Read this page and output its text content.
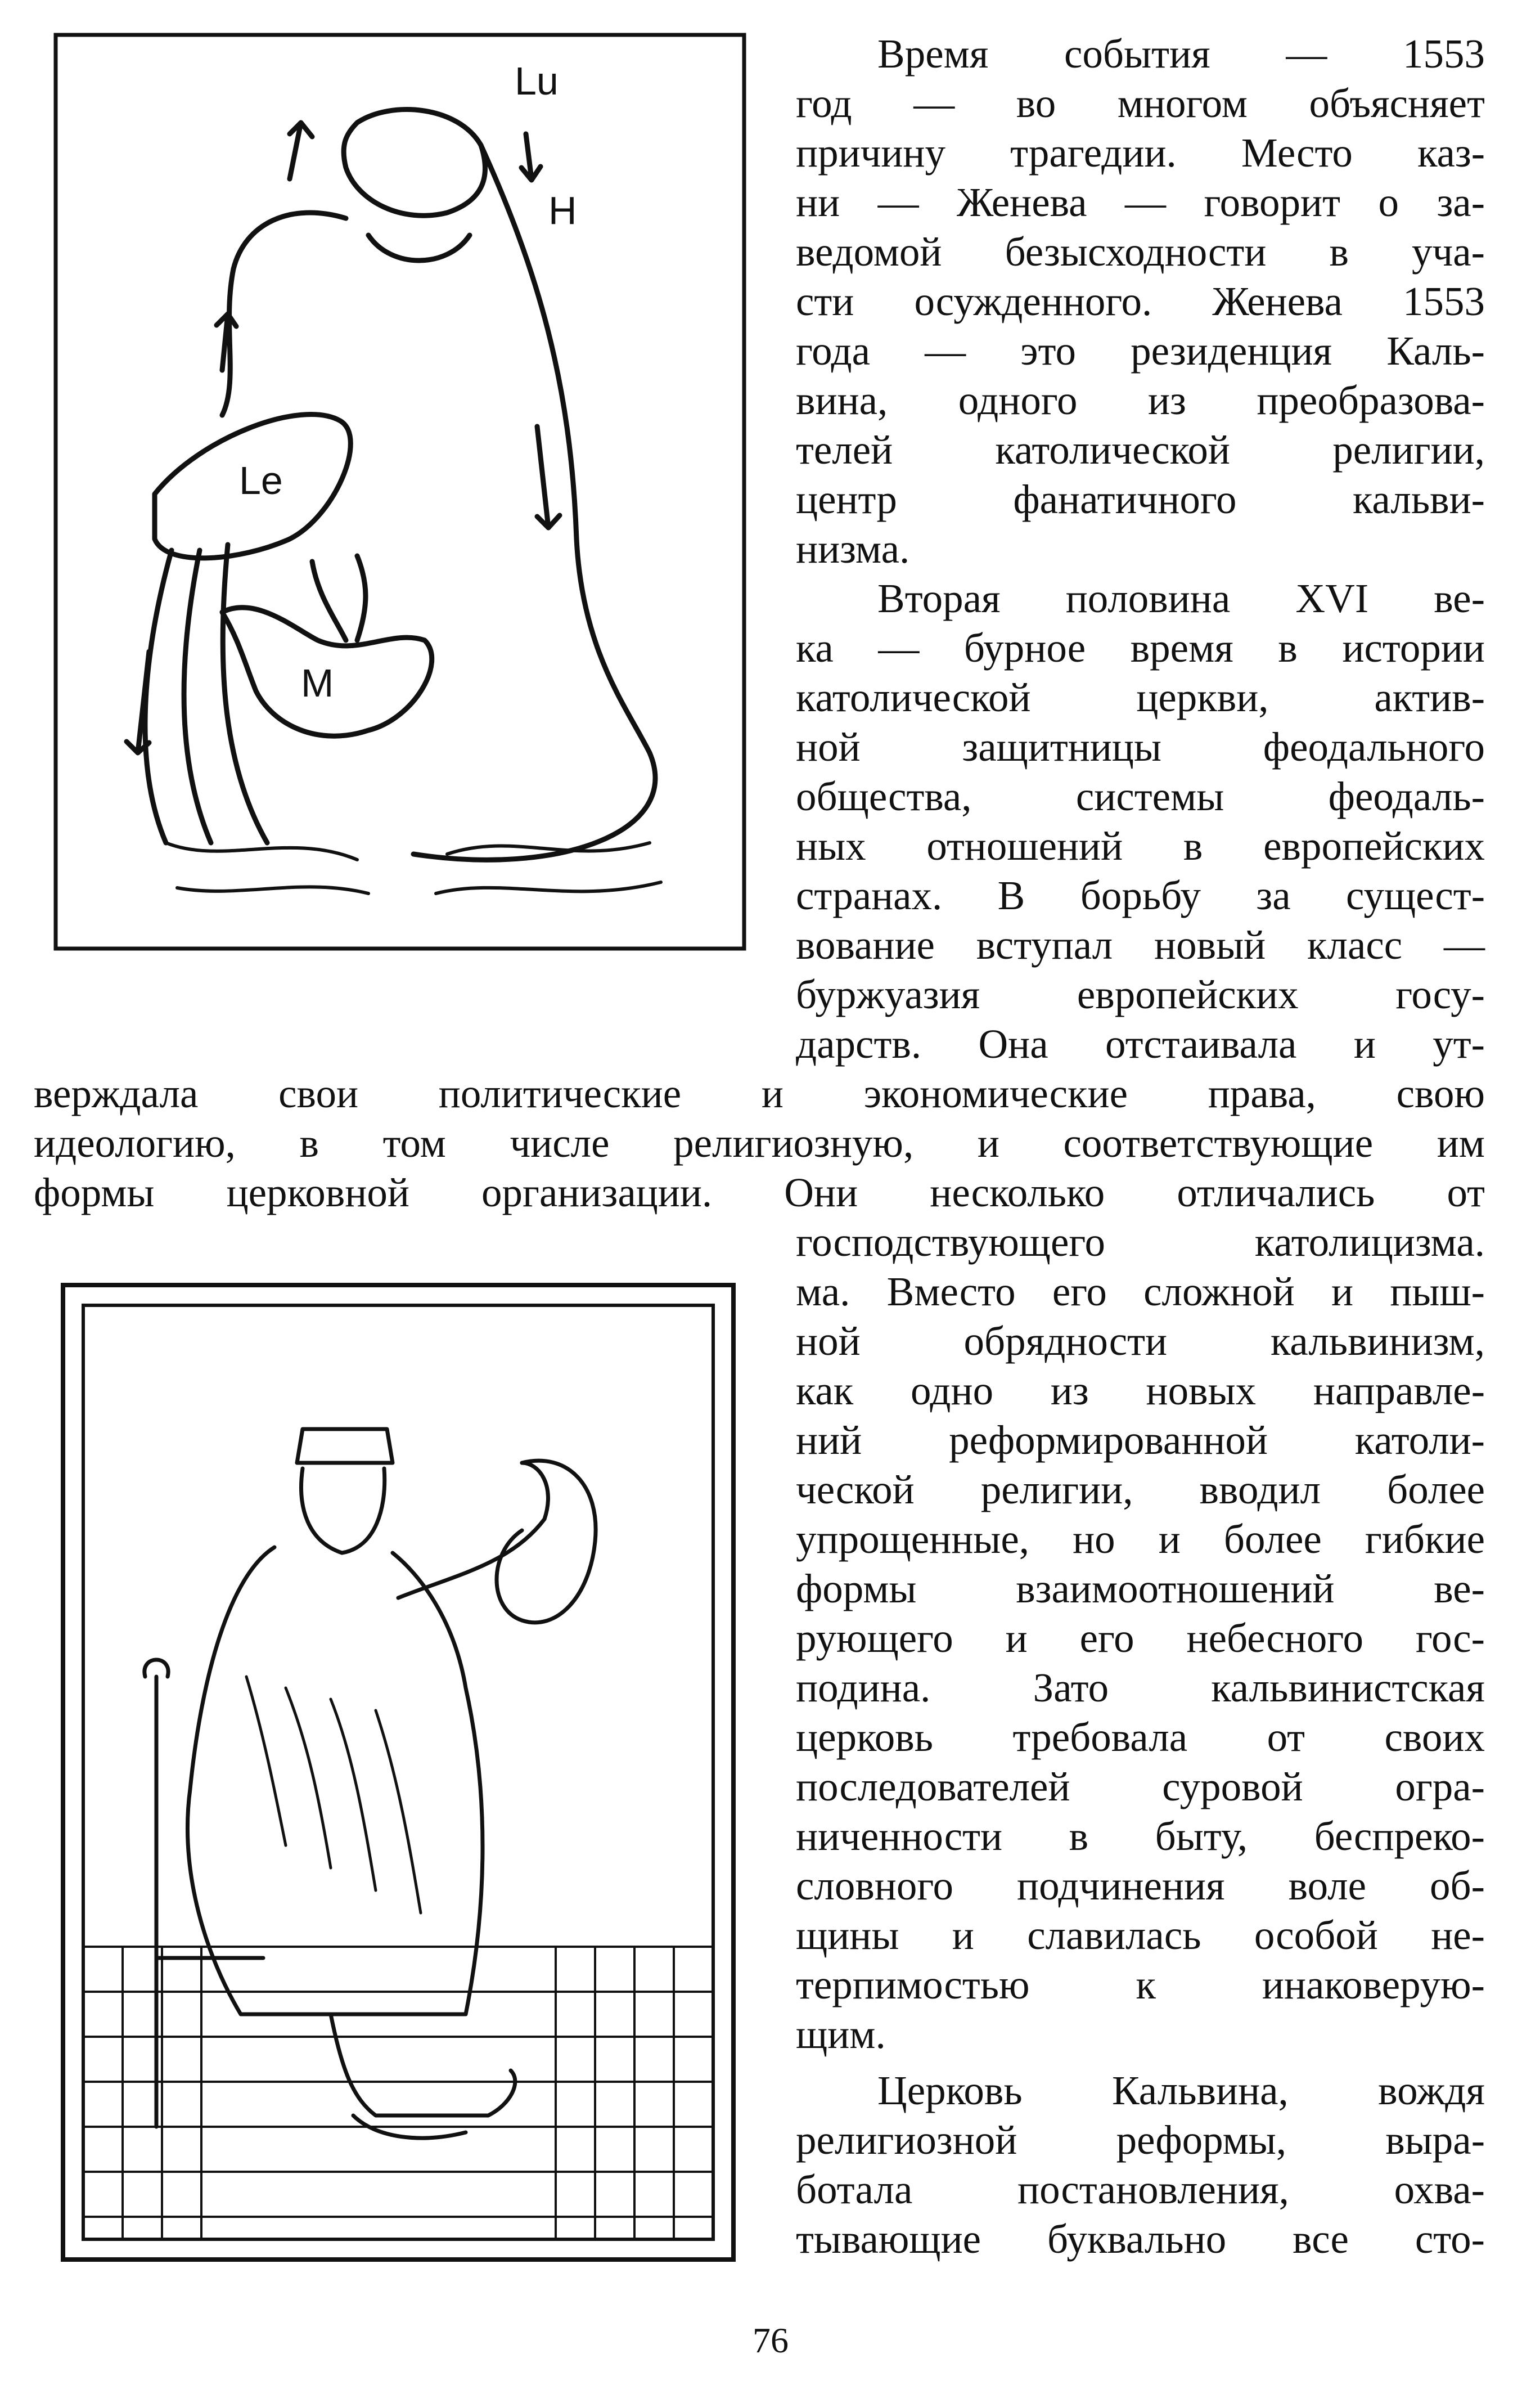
Lu
H
Le
M

Время события — 1553

год — во многом объясняет

причину трагедии. Место каз-

ни — Женева — говорит о за-

ведомой безысходности в уча-

сти осужденного. Женева 1553

года — это резиденция Каль-

вина, одного из преобразова-

телей католической религии,

центр фанатичного кальви-

низма.

Вторая половина XVI ве-

ка — бурное время в истории

католической церкви, актив-

ной защитницы феодального

общества, системы феодаль-

ных отношений в европейских

странах. В борьбу за сущест-

вование вступал новый класс —

буржуазия европейских госу-

дарств. Она отстаивала и ут-

верждала свои политические и экономические права, свою

идеологию, в том числе религиозную, и соответствующие им

формы церковной организации. Они несколько отличались от

господствующего католицизма.

ма. Вместо его сложной и пыш-

ной обрядности кальвинизм,

как одно из новых направле-

ний реформированной католи-

ческой религии, вводил более

упрощенные, но и более гибкие

формы взаимоотношений ве-

рующего и его небесного гос-

подина. Зато кальвинистская

церковь требовала от своих

последователей суровой огра-

ниченности в быту, беспреко-

словного подчинения воле об-

щины и славилась особой не-

терпимостью к инаковерую-

щим.

Церковь Кальвина, вождя

религиозной реформы, выра-

ботала постановления, охва-

тывающие буквально все сто-

76
